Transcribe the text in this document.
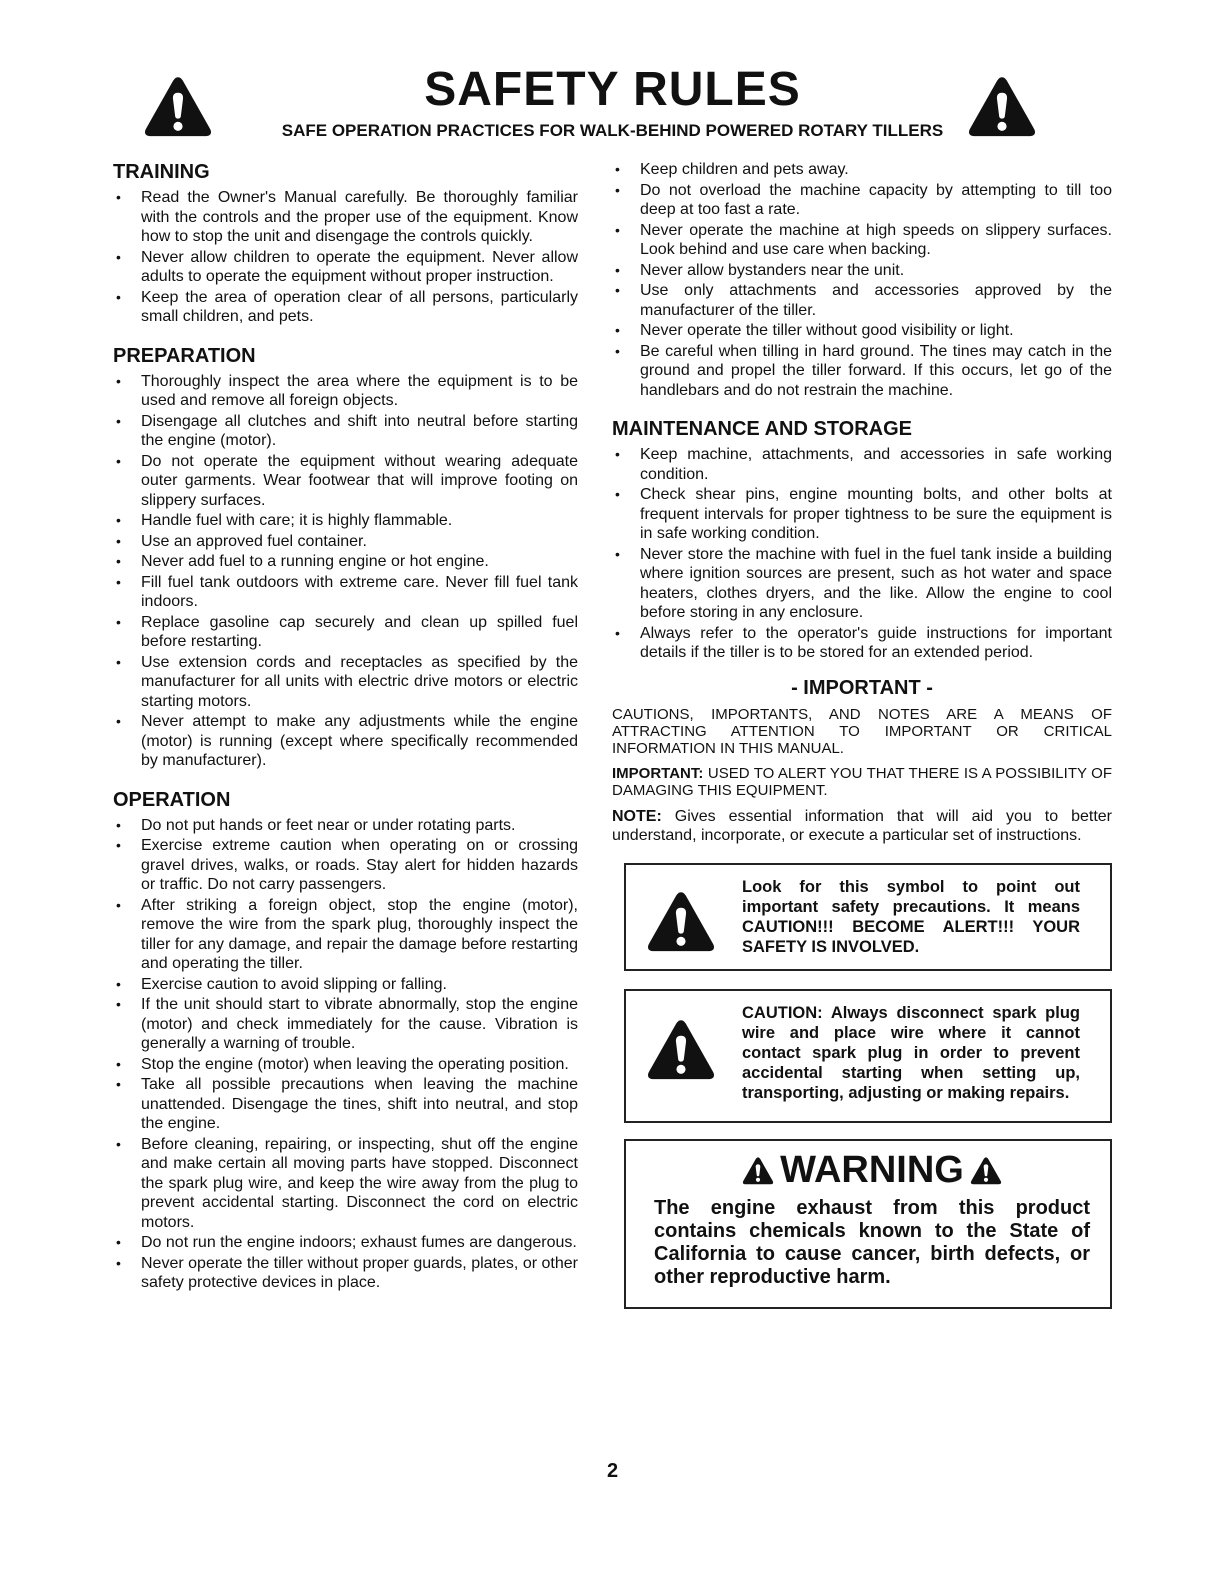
SAFETY RULES
SAFE OPERATION PRACTICES FOR WALK-BEHIND POWERED ROTARY TILLERS
TRAINING
• Read the Owner's Manual carefully. Be thoroughly familiar with the controls and the proper use of the equipment. Know how to stop the unit and disengage the controls quickly.
• Never allow children to operate the equipment. Never allow adults to operate the equipment without proper instruction.
• Keep the area of operation clear of all persons, particularly small children, and pets.
PREPARATION
• Thoroughly inspect the area where the equipment is to be used and remove all foreign objects.
• Disengage all clutches and shift into neutral before starting the engine (motor).
• Do not operate the equipment without wearing adequate outer garments. Wear footwear that will improve footing on slippery surfaces.
• Handle fuel with care; it is highly flammable.
• Use an approved fuel container.
• Never add fuel to a running engine or hot engine.
• Fill fuel tank outdoors with extreme care. Never fill fuel tank indoors.
• Replace gasoline cap securely and clean up spilled fuel before restarting.
• Use extension cords and receptacles as specified by the manufacturer for all units with electric drive motors or electric starting motors.
• Never attempt to make any adjustments while the engine (motor) is running (except where specifically recommended by manufacturer).
OPERATION
• Do not put hands or feet near or under rotating parts.
• Exercise extreme caution when operating on or crossing gravel drives, walks, or roads. Stay alert for hidden hazards or traffic. Do not carry passengers.
• After striking a foreign object, stop the engine (motor), remove the wire from the spark plug, thoroughly inspect the tiller for any damage, and repair the damage before restarting and operating the tiller.
• Exercise caution to avoid slipping or falling.
• If the unit should start to vibrate abnormally, stop the engine (motor) and check immediately for the cause. Vibration is generally a warning of trouble.
• Stop the engine (motor) when leaving the operating position.
• Take all possible precautions when leaving the machine unattended. Disengage the tines, shift into neutral, and stop the engine.
• Before cleaning, repairing, or inspecting, shut off the engine and make certain all moving parts have stopped. Disconnect the spark plug wire, and keep the wire away from the plug to prevent accidental starting. Disconnect the cord on electric motors.
• Do not run the engine indoors; exhaust fumes are dangerous.
• Never operate the tiller without proper guards, plates, or other safety protective devices in place.
• Keep children and pets away.
• Do not overload the machine capacity by attempting to till too deep at too fast a rate.
• Never operate the machine at high speeds on slippery surfaces. Look behind and use care when backing.
• Never allow bystanders near the unit.
• Use only attachments and accessories approved by the manufacturer of the tiller.
• Never operate the tiller without good visibility or light.
• Be careful when tilling in hard ground. The tines may catch in the ground and propel the tiller forward. If this occurs, let go of the handlebars and do not restrain the machine.
MAINTENANCE AND STORAGE
• Keep machine, attachments, and accessories in safe working condition.
• Check shear pins, engine mounting bolts, and other bolts at frequent intervals for proper tightness to be sure the equipment is in safe working condition.
• Never store the machine with fuel in the fuel tank inside a building where ignition sources are present, such as hot water and space heaters, clothes dryers, and the like. Allow the engine to cool before storing in any enclosure.
• Always refer to the operator's guide instructions for important details if the tiller is to be stored for an extended period.
- IMPORTANT -

CAUTIONS, IMPORTANTS, AND NOTES ARE A MEANS OF ATTRACTING ATTENTION TO IMPORTANT OR CRITICAL INFORMATION IN THIS MANUAL.

IMPORTANT: USED TO ALERT YOU THAT THERE IS A POSSIBILITY OF DAMAGING THIS EQUIPMENT.

NOTE: Gives essential information that will aid you to better understand, incorporate, or execute a particular set of instructions.

Look for this symbol to point out important safety precautions. It means CAUTION!!! BECOME ALERT!!! YOUR SAFETY IS INVOLVED.
CAUTION: Always disconnect spark plug wire and place wire where it cannot contact spark plug in order to prevent accidental starting when setting up, transporting, adjusting or making repairs.
WARNING
The engine exhaust from this product contains chemicals known to the State of California to cause cancer, birth defects, or other reproductive harm.
2
